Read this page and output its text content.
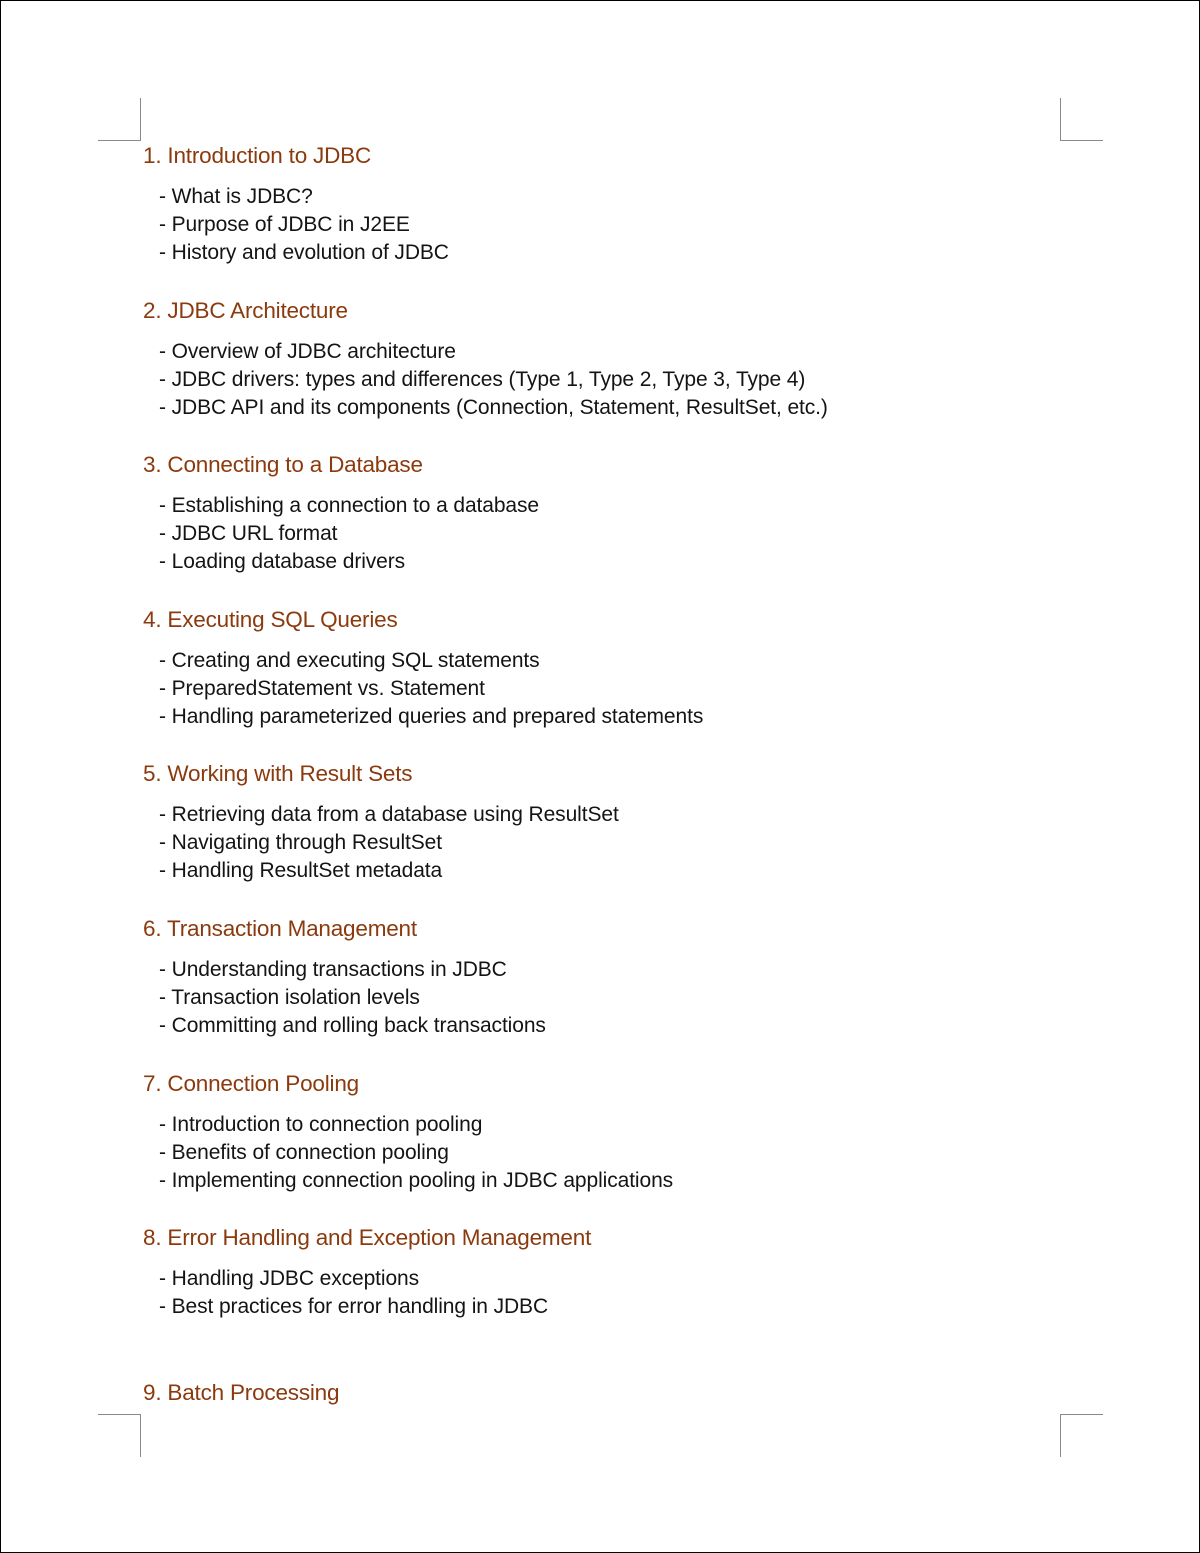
1. Introduction to JDBC
- What is JDBC?
- Purpose of JDBC in J2EE
- History and evolution of JDBC
2. JDBC Architecture
- Overview of JDBC architecture
- JDBC drivers: types and differences (Type 1, Type 2, Type 3, Type 4)
- JDBC API and its components (Connection, Statement, ResultSet, etc.)
3. Connecting to a Database
- Establishing a connection to a database
- JDBC URL format
- Loading database drivers
4. Executing SQL Queries
- Creating and executing SQL statements
- PreparedStatement vs. Statement
- Handling parameterized queries and prepared statements
5. Working with Result Sets
- Retrieving data from a database using ResultSet
- Navigating through ResultSet
- Handling ResultSet metadata
6. Transaction Management
- Understanding transactions in JDBC
- Transaction isolation levels
- Committing and rolling back transactions
7. Connection Pooling
- Introduction to connection pooling
- Benefits of connection pooling
- Implementing connection pooling in JDBC applications
8. Error Handling and Exception Management
- Handling JDBC exceptions
- Best practices for error handling in JDBC
9. Batch Processing
